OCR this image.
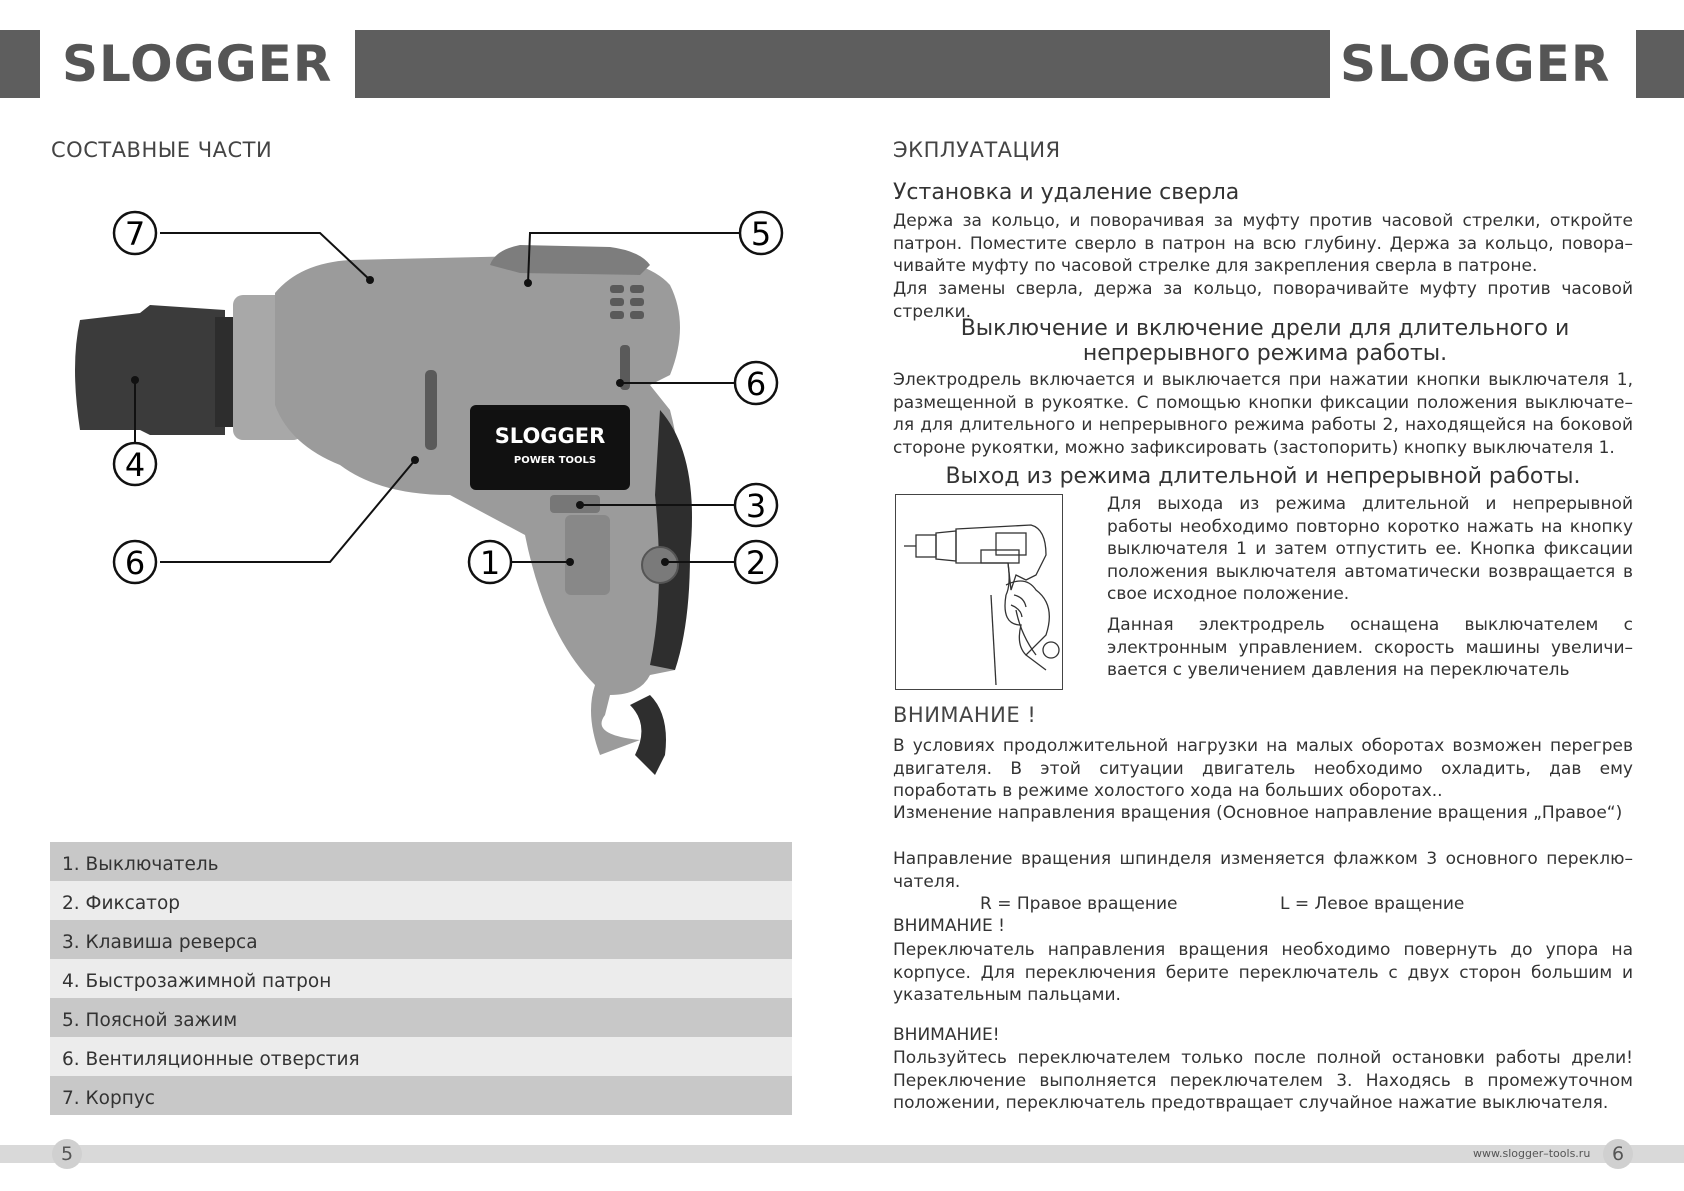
SLOGGER	SLOGGER
СОСТАВНЫЕ ЧАСТИ
SLOGGER
POWER TOOLS
7	5
6
4
3
6	1	2
1. Выключатель
2. Фиксатор
3. Клавиша реверса
4. Быстрозажимной патрон
5. Поясной зажим
6. Вентиляционные отверстия
7. Корпус
ЭКПЛУАТАЦИЯ
Установка и удаление сверла
Держа за кольцо, и поворачивая за муфту против часовой стрелки, откройте патрон. Поместите сверло в патрон на всю глубину. Держа за кольцо, повора–чивайте муфту по часовой стрелке для закрепления сверла в патроне.
Для замены сверла, держа за кольцо, поворачивайте муфту против часовой стрелки.
Выключение и включение дрели для длительного и непрерывного режима работы.
Электродрель включается и выключается при нажатии кнопки выключателя 1, размещенной в рукоятке. С помощью кнопки фиксации положения выключате–ля для длительного и непрерывного режима работы 2, находящейся на боковой стороне рукоятки, можно зафиксировать (застопорить) кнопку выключателя 1.
Выход из режима длительной и непрерывной работы.
Для выхода из режима длительной и непрерывной работы необходимо повторно коротко нажать на кнопку выключателя 1 и затем отпустить ее. Кнопка фиксации положения выключателя автоматически возвращается в свое исходное положение.
Данная электродрель оснащена выключателем с электронным управлением. скорость машины увеличи–вается с увеличением давления на переключатель
ВНИМАНИЕ !
В условиях продолжительной нагрузки на малых оборотах возможен перегрев двигателя. В этой ситуации двигатель необходимо охладить, дав ему поработать в режиме холостого хода на больших оборотах..
Изменение направления вращения (Основное направление вращения „Правое“)
Направление вращения шпинделя изменяется флажком 3 основного переклю–чателя.
R = Правое вращение	L = Левое вращение
ВНИМАНИЕ !
Переключатель направления вращения необходимо повернуть до упора на корпусе. Для переключения берите переключатель с двух сторон большим и указательным пальцами.
ВНИМАНИЕ!
Пользуйтесь переключателем только после полной остановки работы дрели! Переключение выполняется переключателем 3. Находясь в промежуточном положении, переключатель предотвращает случайное нажатие выключателя.
5	www.slogger–tools.ru	6
